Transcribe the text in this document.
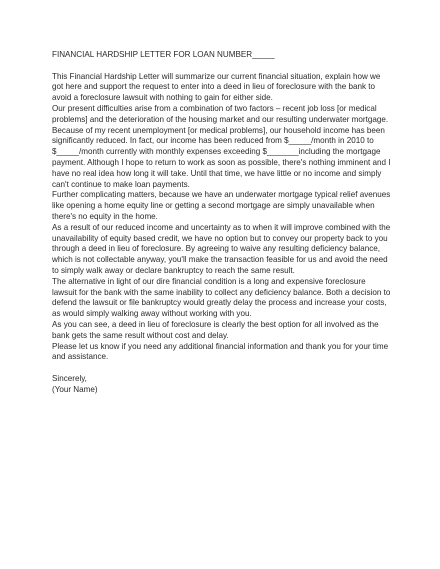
FINANCIAL HARDSHIP LETTER FOR LOAN NUMBER_____

This Financial Hardship Letter will summarize our current financial situation, explain how we got here and support the request to enter into a deed in lieu of foreclosure with the bank to avoid a foreclosure lawsuit with nothing to gain for either side.

Our present difficulties arise from a combination of two factors – recent job loss [or medical problems] and the deterioration of the housing market and our resulting underwater mortgage.

Because of my recent unemployment [or medical problems], our household income has been significantly reduced. In fact, our income has been reduced from $_____/month in 2010 to $_____/month currently with monthly expenses exceeding $_______including the mortgage payment. Although I hope to return to work as soon as possible, there's nothing imminent and I have no real idea how long it will take. Until that time, we have little or no income and simply can't continue to make loan payments.

Further complicating matters, because we have an underwater mortgage typical relief avenues like opening a home equity line or getting a second mortgage are simply unavailable when there's no equity in the home.

As a result of our reduced income and uncertainty as to when it will improve combined with the unavailability of equity based credit, we have no option but to convey our property back to you through a deed in lieu of foreclosure. By agreeing to waive any resulting deficiency balance, which is not collectable anyway, you'll make the transaction feasible for us and avoid the need to simply walk away or declare bankruptcy to reach the same result.

The alternative in light of our dire financial condition is a long and expensive foreclosure lawsuit for the bank with the same inability to collect any deficiency balance. Both a decision to defend the lawsuit or file bankruptcy would greatly delay the process and increase your costs, as would simply walking away without working with you.

As you can see, a deed in lieu of foreclosure is clearly the best option for all involved as the bank gets the same result without cost and delay.

Please let us know if you need any additional financial information and thank you for your time and assistance.

Sincerely,

(Your Name)
